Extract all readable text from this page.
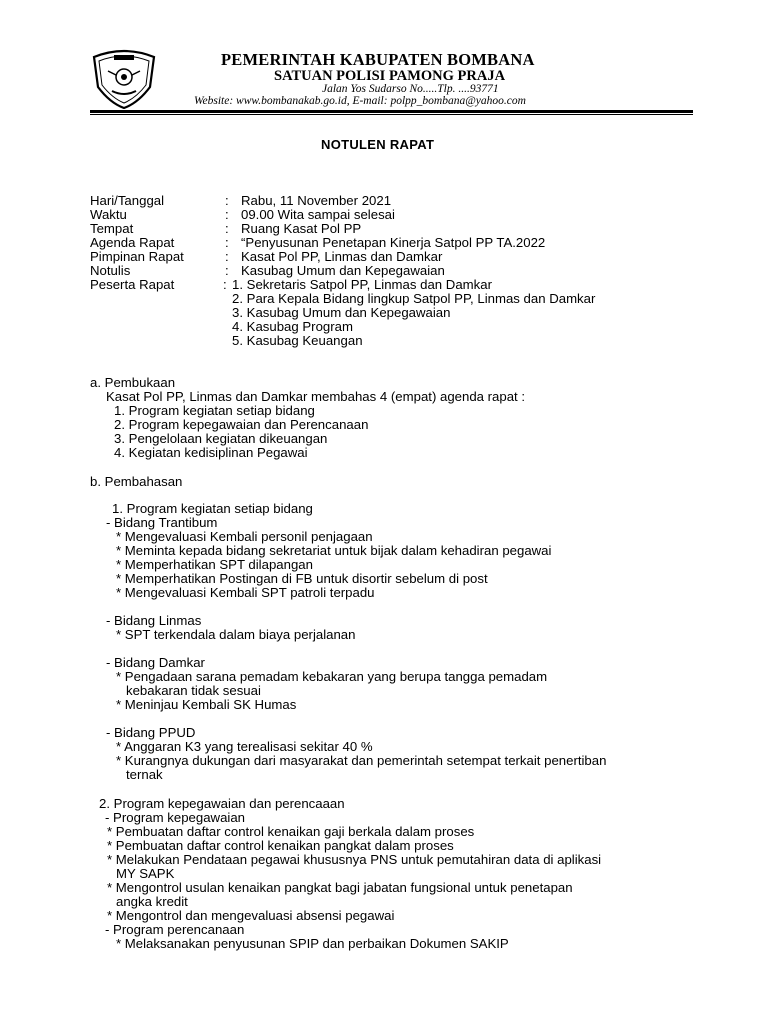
PEMERINTAH KABUPATEN BOMBANA
SATUAN POLISI PAMONG PRAJA
Jalan Yos Sudarso No.....Tlp. ....93771
Website: www.bombanakab.go.id, E-mail: polpp_bombana@yahoo.com
NOTULEN RAPAT
Hari/Tanggal	: Rabu, 11 November 2021
Waktu	: 09.00 Wita sampai selesai
Tempat	: Ruang Kasat Pol PP
Agenda Rapat	: “Penyusunan Penetapan Kinerja Satpol PP TA.2022
Pimpinan Rapat	: Kasat Pol PP, Linmas dan Damkar
Notulis	: Kasubag Umum dan Kepegawaian
Peserta Rapat	: 1. Sekretaris Satpol PP, Linmas dan Damkar
2. Para Kepala Bidang lingkup Satpol PP, Linmas dan Damkar
3. Kasubag Umum dan Kepegawaian
4. Kasubag Program
5. Kasubag Keuangan
a. Pembukaan
Kasat Pol PP, Linmas dan Damkar membahas 4 (empat) agenda rapat :
1. Program kegiatan setiap bidang
2. Program kepegawaian dan Perencanaan
3. Pengelolaan kegiatan dikeuangan
4. Kegiatan kedisiplinan Pegawai
b. Pembahasan
1. Program kegiatan setiap bidang
- Bidang Trantibum
* Mengevaluasi Kembali personil penjagaan
* Meminta kepada bidang sekretariat untuk bijak dalam kehadiran pegawai
* Memperhatikan SPT dilapangan
* Memperhatikan Postingan di FB untuk disortir sebelum di post
* Mengevaluasi Kembali SPT patroli terpadu
- Bidang Linmas
* SPT terkendala dalam biaya perjalanan
- Bidang Damkar
* Pengadaan sarana pemadam kebakaran yang berupa tangga pemadam
kebakaran tidak sesuai
* Meninjau Kembali SK Humas
- Bidang PPUD
* Anggaran K3 yang terealisasi sekitar 40 %
* Kurangnya dukungan dari masyarakat dan pemerintah setempat terkait penertiban
ternak
2. Program kepegawaian dan perencaaan
- Program kepegawaian
* Pembuatan daftar control kenaikan gaji berkala dalam proses
* Pembuatan daftar control kenaikan pangkat dalam proses
* Melakukan Pendataan pegawai khususnya PNS untuk pemutahiran data di aplikasi
MY SAPK
* Mengontrol usulan kenaikan pangkat bagi jabatan fungsional untuk penetapan
angka kredit
* Mengontrol dan mengevaluasi absensi pegawai
- Program perencanaan
* Melaksanakan penyusunan SPIP dan perbaikan Dokumen SAKIP
